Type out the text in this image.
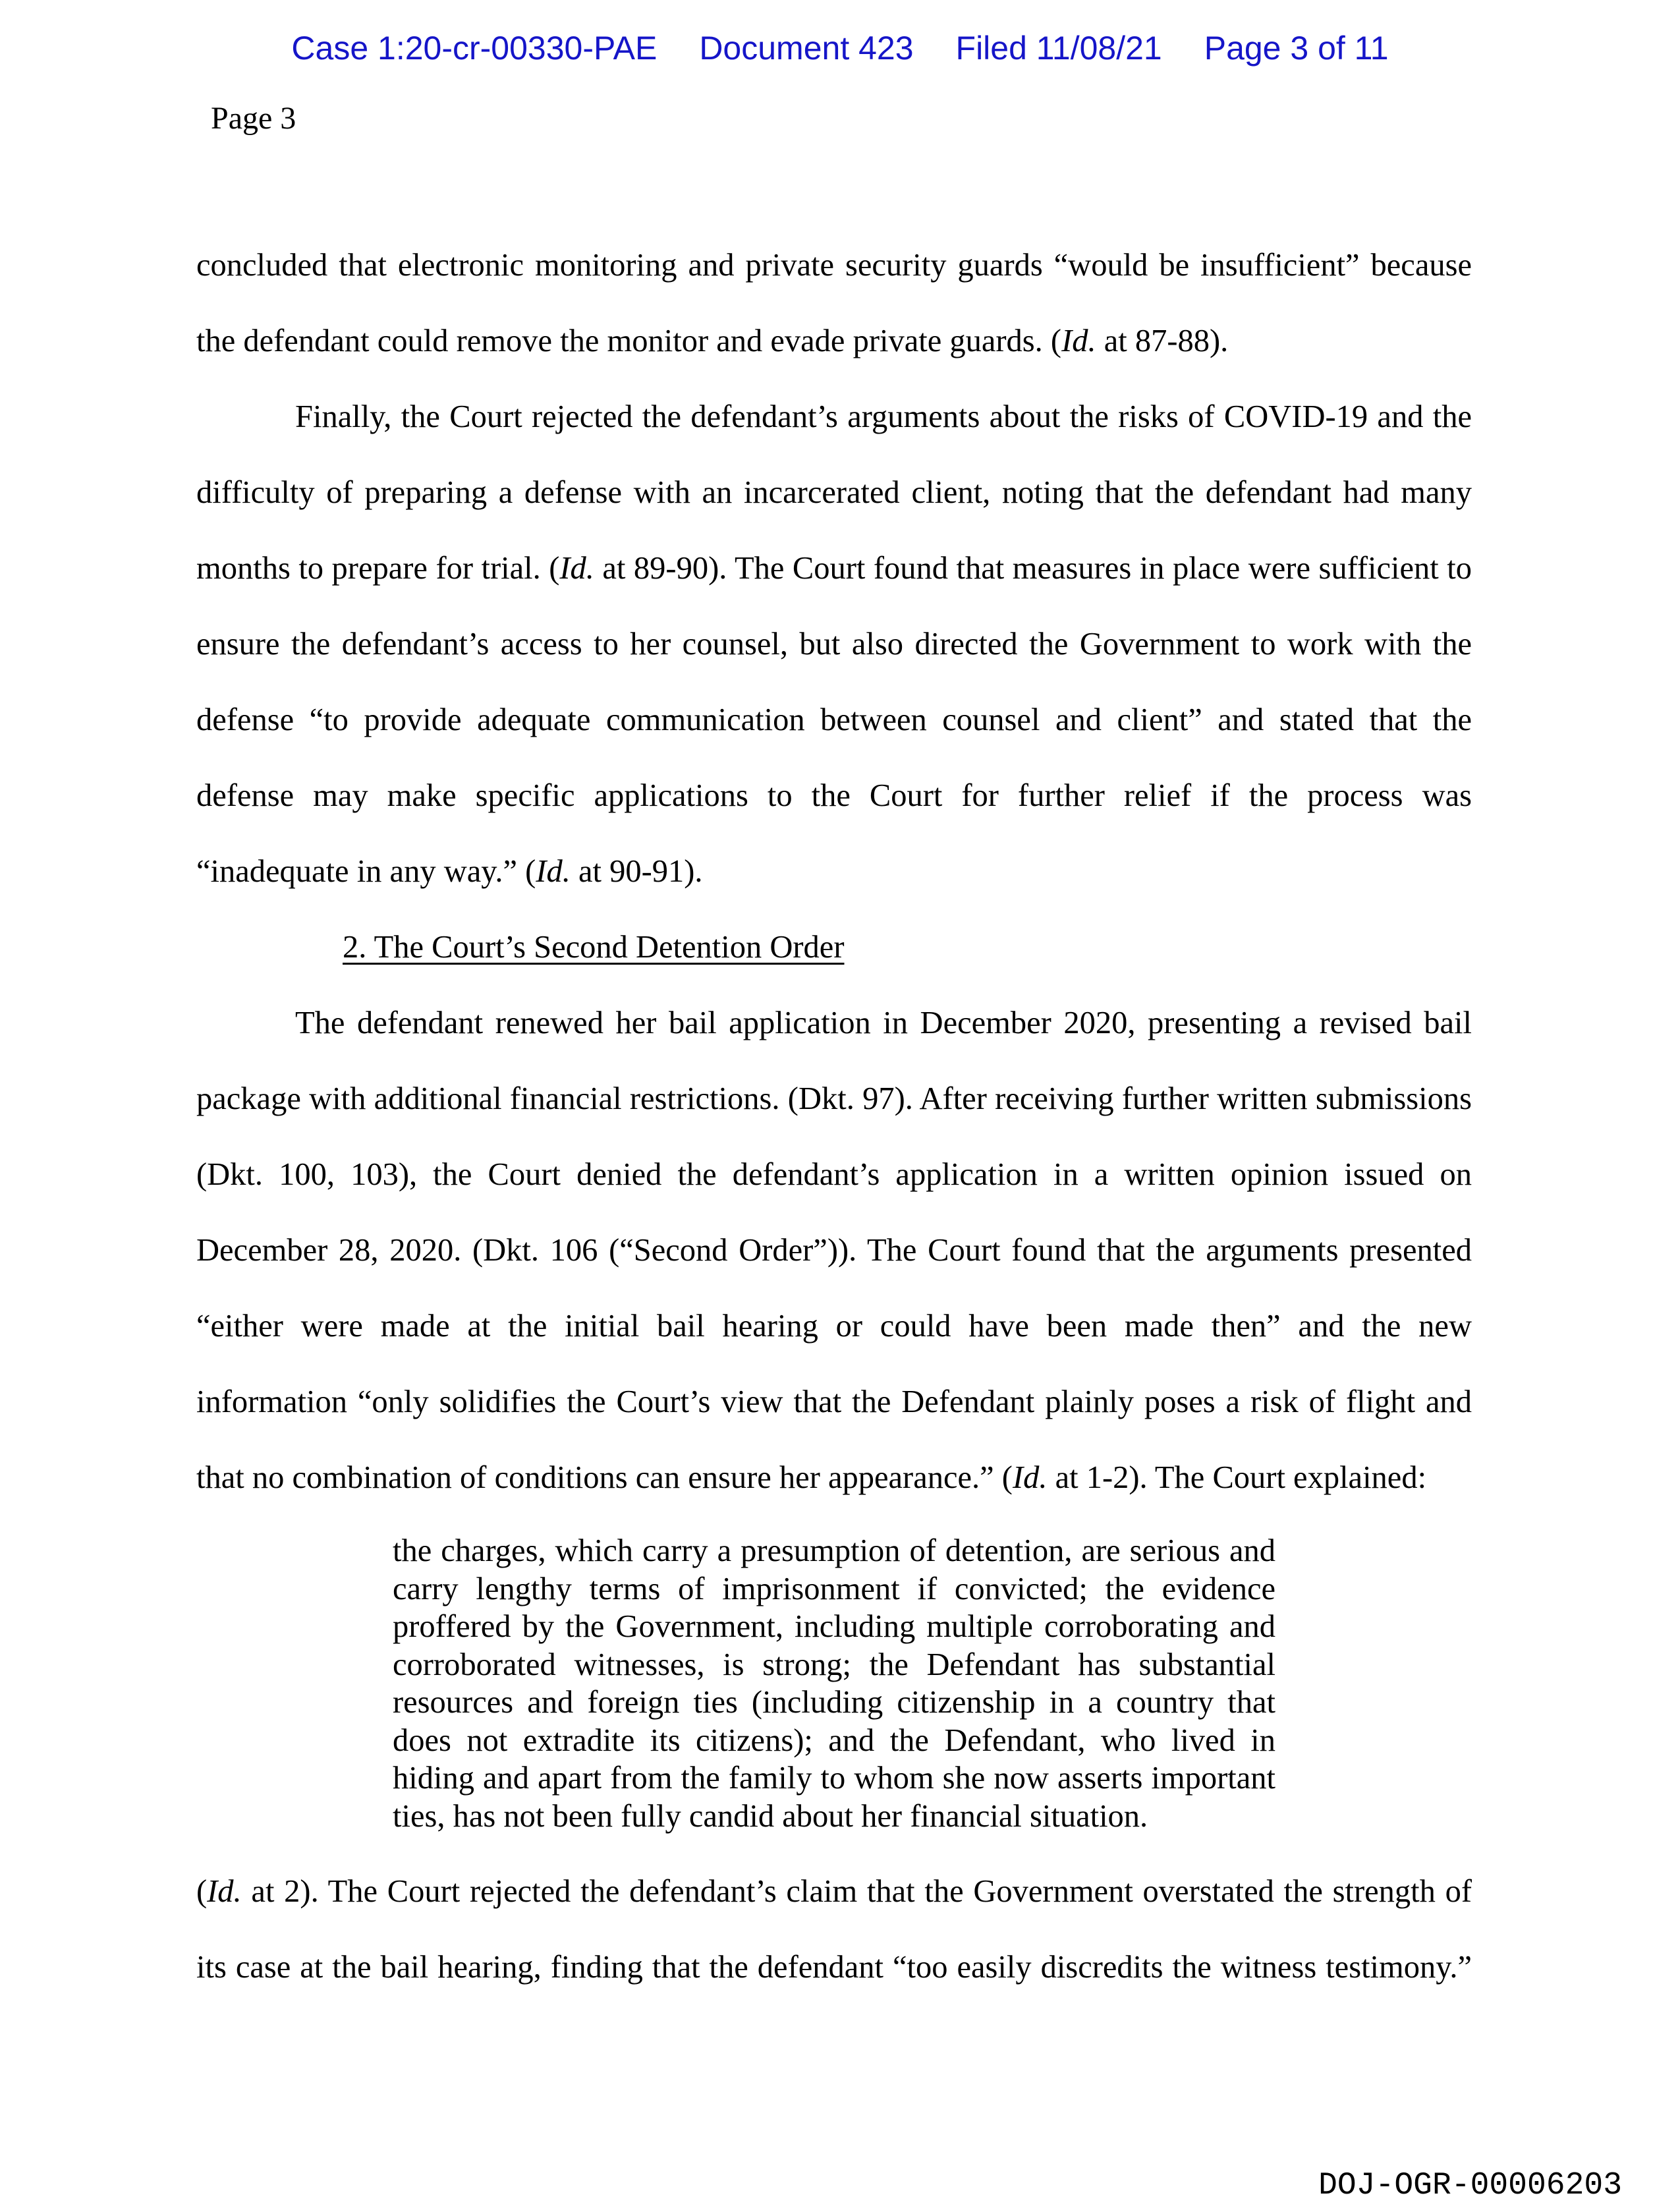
Case 1:20-cr-00330-PAE Document 423 Filed 11/08/21 Page 3 of 11
Page 3

concluded that electronic monitoring and private security guards “would be insufficient” because the defendant could remove the monitor and evade private guards. (Id. at 87-88).

Finally, the Court rejected the defendant’s arguments about the risks of COVID-19 and the difficulty of preparing a defense with an incarcerated client, noting that the defendant had many months to prepare for trial. (Id. at 89-90). The Court found that measures in place were sufficient to ensure the defendant’s access to her counsel, but also directed the Government to work with the defense “to provide adequate communication between counsel and client” and stated that the defense may make specific applications to the Court for further relief if the process was “inadequate in any way.” (Id. at 90-91).

2. The Court’s Second Detention Order

The defendant renewed her bail application in December 2020, presenting a revised bail package with additional financial restrictions. (Dkt. 97). After receiving further written submissions (Dkt. 100, 103), the Court denied the defendant’s application in a written opinion issued on December 28, 2020. (Dkt. 106 (“Second Order”)). The Court found that the arguments presented “either were made at the initial bail hearing or could have been made then” and the new information “only solidifies the Court’s view that the Defendant plainly poses a risk of flight and that no combination of conditions can ensure her appearance.” (Id. at 1-2). The Court explained:

the charges, which carry a presumption of detention, are serious and carry lengthy terms of imprisonment if convicted; the evidence proffered by the Government, including multiple corroborating and corroborated witnesses, is strong; the Defendant has substantial resources and foreign ties (including citizenship in a country that does not extradite its citizens); and the Defendant, who lived in hiding and apart from the family to whom she now asserts important ties, has not been fully candid about her financial situation.

(Id. at 2). The Court rejected the defendant’s claim that the Government overstated the strength of its case at the bail hearing, finding that the defendant “too easily discredits the witness testimony.”

DOJ-OGR-00006203
